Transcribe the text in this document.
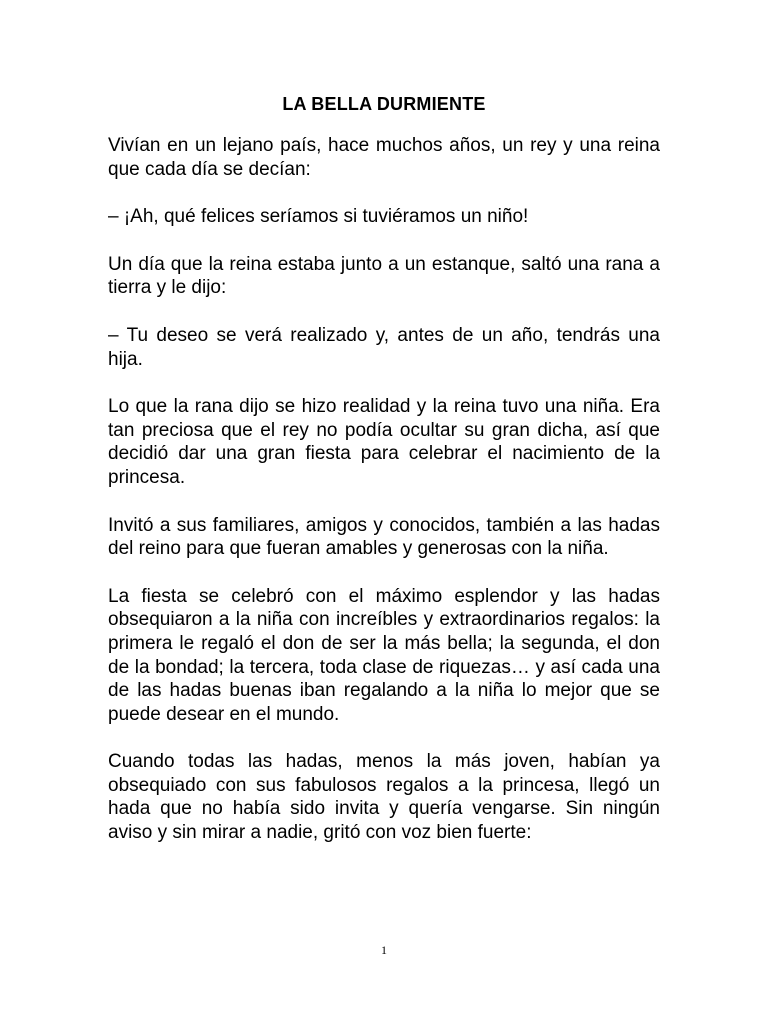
LA BELLA DURMIENTE

Vivían en un lejano país, hace muchos años, un rey y una reina que cada día se decían:

– ¡Ah, qué felices seríamos si tuviéramos un niño!

Un día que la reina estaba junto a un estanque, saltó una rana a tierra y le dijo:

– Tu deseo se verá realizado y, antes de un año, tendrás una hija.

Lo que la rana dijo se hizo realidad y la reina tuvo una niña. Era tan preciosa que el rey no podía ocultar su gran dicha, así que decidió dar una gran fiesta para celebrar el nacimiento de la princesa.

Invitó a sus familiares, amigos y conocidos, también a las hadas del reino para que fueran amables y generosas con la niña.

La fiesta se celebró con el máximo esplendor y las hadas obsequiaron a la niña con increíbles y extraordinarios regalos: la primera le regaló el don de ser la más bella; la segunda, el don de la bondad; la tercera, toda clase de riquezas… y así cada una de las hadas buenas iban regalando a la niña lo mejor que se puede desear en el mundo.

Cuando todas las hadas, menos la más joven, habían ya obsequiado con sus fabulosos regalos a la princesa, llegó un hada que no había sido invita y quería vengarse. Sin ningún aviso y sin mirar a nadie, gritó con voz bien fuerte:

1
